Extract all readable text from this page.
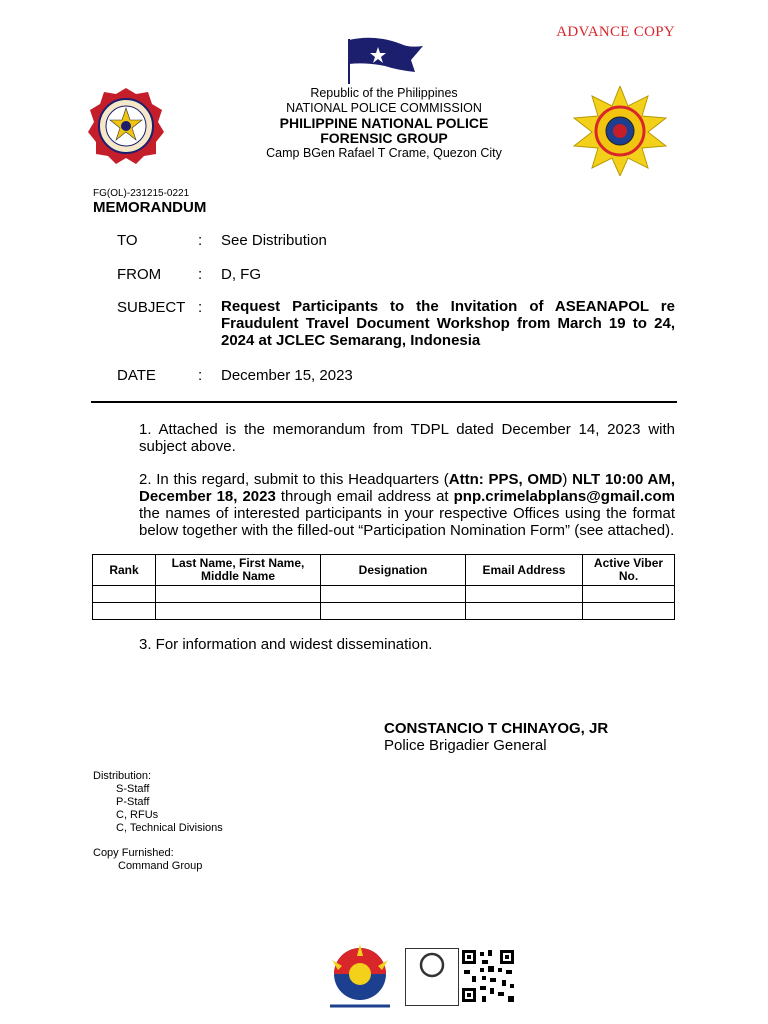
ADVANCE COPY
Republic of the Philippines
NATIONAL POLICE COMMISSION
PHILIPPINE NATIONAL POLICE
FORENSIC GROUP
Camp BGen Rafael T Crame, Quezon City
FG(OL)-231215-0221
MEMORANDUM
TO	: See Distribution
FROM : D, FG
SUBJECT : Request Participants to the Invitation of ASEANAPOL re Fraudulent Travel Document Workshop from March 19 to 24, 2024 at JCLEC Semarang, Indonesia
DATE	: December 15, 2023
1. Attached is the memorandum from TDPL dated December 14, 2023 with subject above.
2. In this regard, submit to this Headquarters (Attn: PPS, OMD) NLT 10:00 AM, December 18, 2023 through email address at pnp.crimelabplans@gmail.com the names of interested participants in your respective Offices using the format below together with the filled-out “Participation Nomination Form” (see attached).
Rank	Last Name, First Name, Middle Name	Designation	Email Address	Active Viber No.

3. For information and widest dissemination.
CONSTANCIO T CHINAYOG, JR
Police Brigadier General
Distribution:
S-Staff
P-Staff
C, RFUs
C, Technical Divisions
Copy Furnished:
Command Group
